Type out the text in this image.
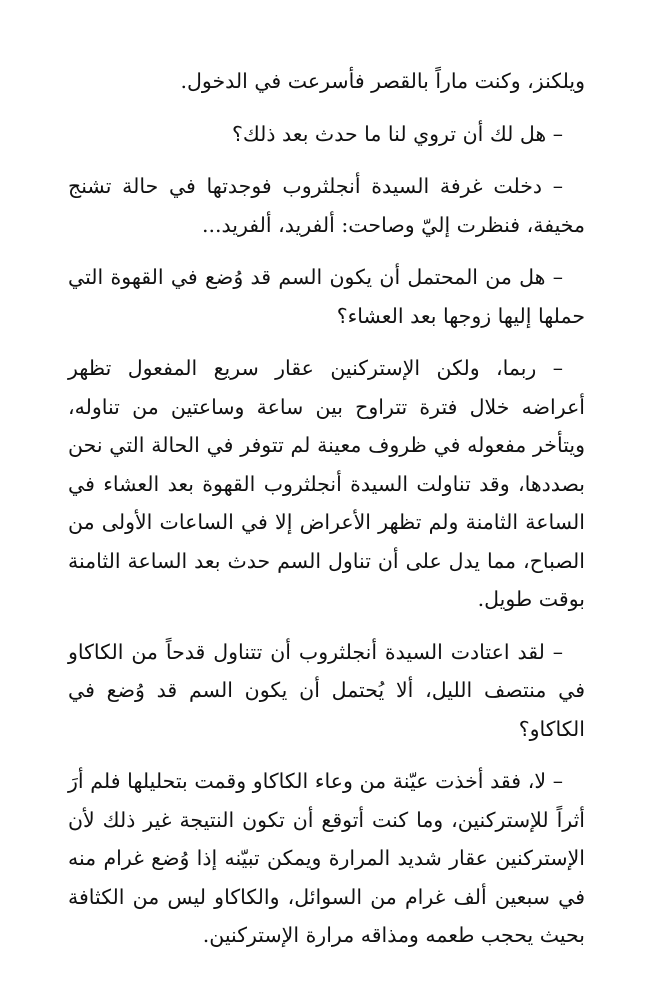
ويلكنز، وكنت ماراً بالقصر فأسرعت في الدخول.

– هل لك أن تروي لنا ما حدث بعد ذلك؟

– دخلت غرفة السيدة أنجلثروب فوجدتها في حالة تشنج مخيفة، فنظرت إليّ وصاحت: ألفريد، ألفريد...

– هل من المحتمل أن يكون السم قد وُضع في القهوة التي حملها إليها زوجها بعد العشاء؟

– ربما، ولكن الإستركنين عقار سريع المفعول تظهر أعراضه خلال فترة تتراوح بين ساعة وساعتين من تناوله، ويتأخر مفعوله في ظروف معينة لم تتوفر في الحالة التي نحن بصددها، وقد تناولت السيدة أنجلثروب القهوة بعد العشاء في الساعة الثامنة ولم تظهر الأعراض إلا في الساعات الأولى من الصباح، مما يدل على أن تناول السم حدث بعد الساعة الثامنة بوقت طويل.

– لقد اعتادت السيدة أنجلثروب أن تتناول قدحاً من الكاكاو في منتصف الليل، ألا يُحتمل أن يكون السم قد وُضع في الكاكاو؟

– لا، فقد أخذت عيّنة من وعاء الكاكاو وقمت بتحليلها فلم أرَ أثراً للإستركنين، وما كنت أتوقع أن تكون النتيجة غير ذلك لأن الإستركنين عقار شديد المرارة ويمكن تبيّنه إذا وُضع غرام منه في سبعين ألف غرام من السوائل، والكاكاو ليس من الكثافة بحيث يحجب طعمه ومذاقه مرارة الإستركنين.
